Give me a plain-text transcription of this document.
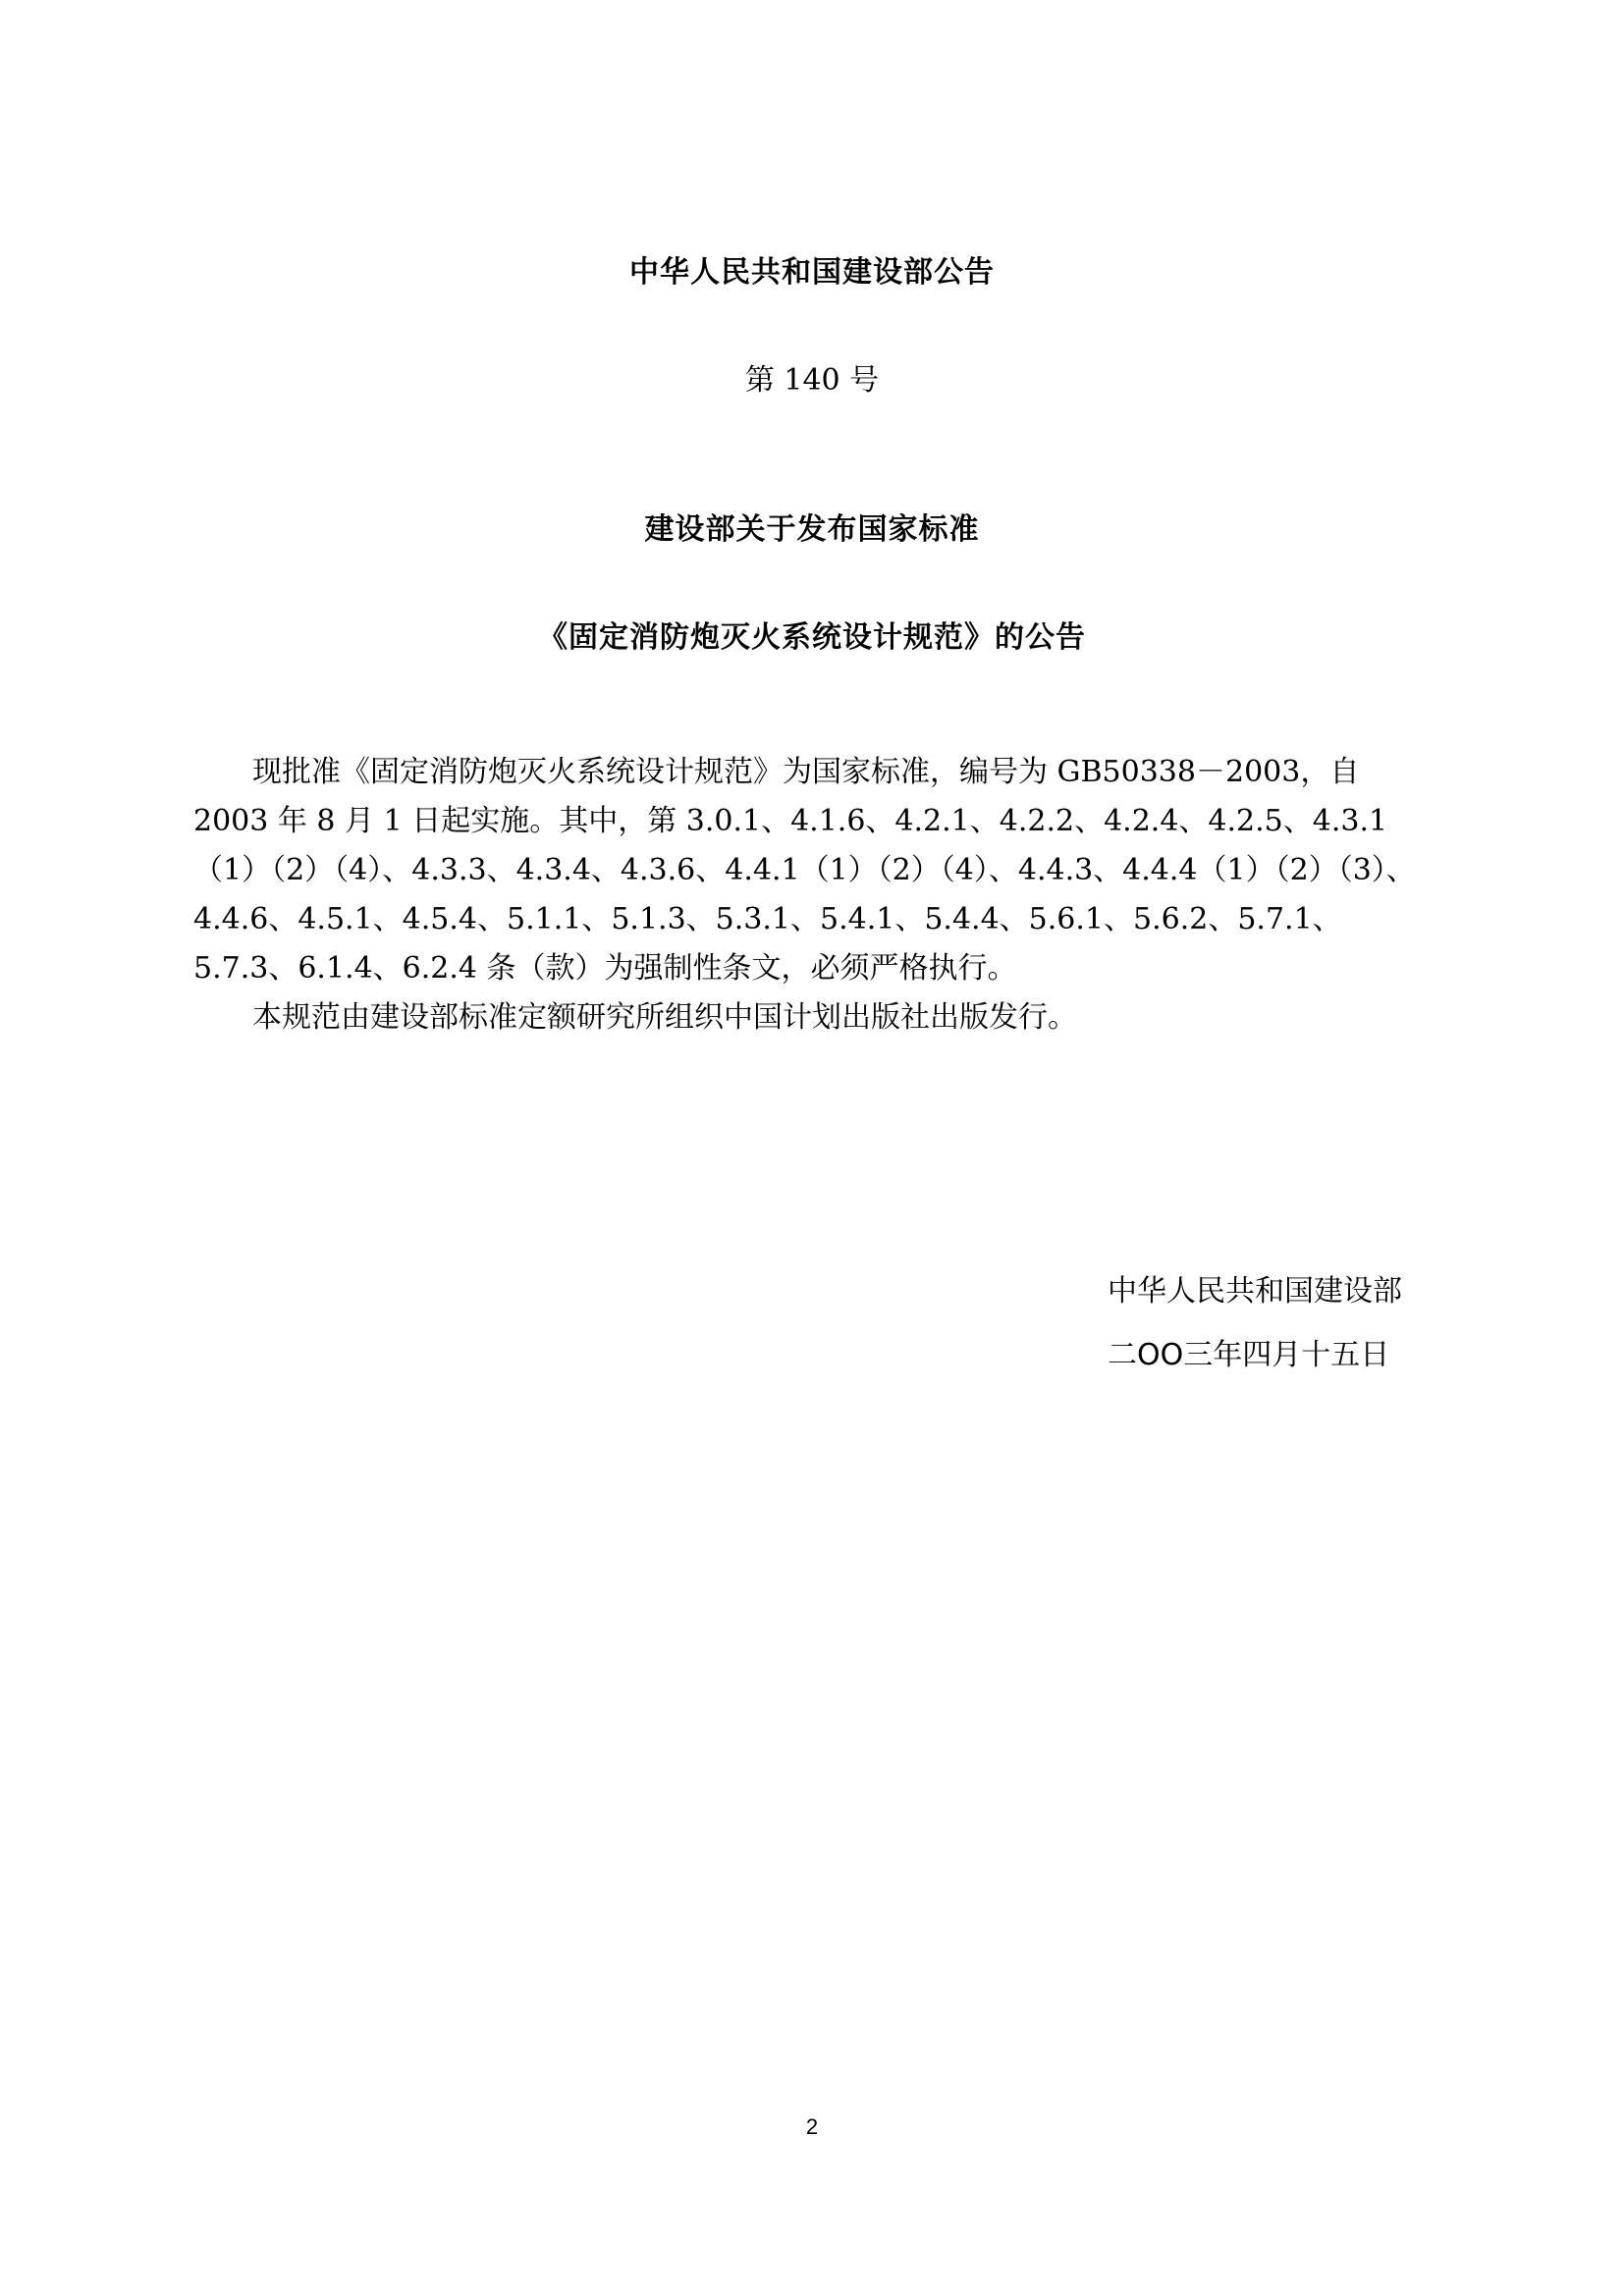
中华人民共和国建设部公告
第 140 号
建设部关于发布国家标准
《固定消防炮灭火系统设计规范》的公告
　　现批准《固定消防炮灭火系统设计规范》为国家标准，编号为 GB50338－2003，自
2003 年 8 月 1 日起实施。其中，第 3.0.1、4.1.6、4.2.1、4.2.2、4.2.4、4.2.5、4.3.1
（1）（2）（4）、4.3.3、4.3.4、4.3.6、4.4.1（1）（2）（4）、4.4.3、4.4.4（1）（2）（3）、
4.4.6、4.5.1、4.5.4、5.1.1、5.1.3、5.3.1、5.4.1、5.4.4、5.6.1、5.6.2、5.7.1、
5.7.3、6.1.4、6.2.4 条（款）为强制性条文，必须严格执行。
　　本规范由建设部标准定额研究所组织中国计划出版社出版发行。
中华人民共和国建设部
二OO三年四月十五日
2
